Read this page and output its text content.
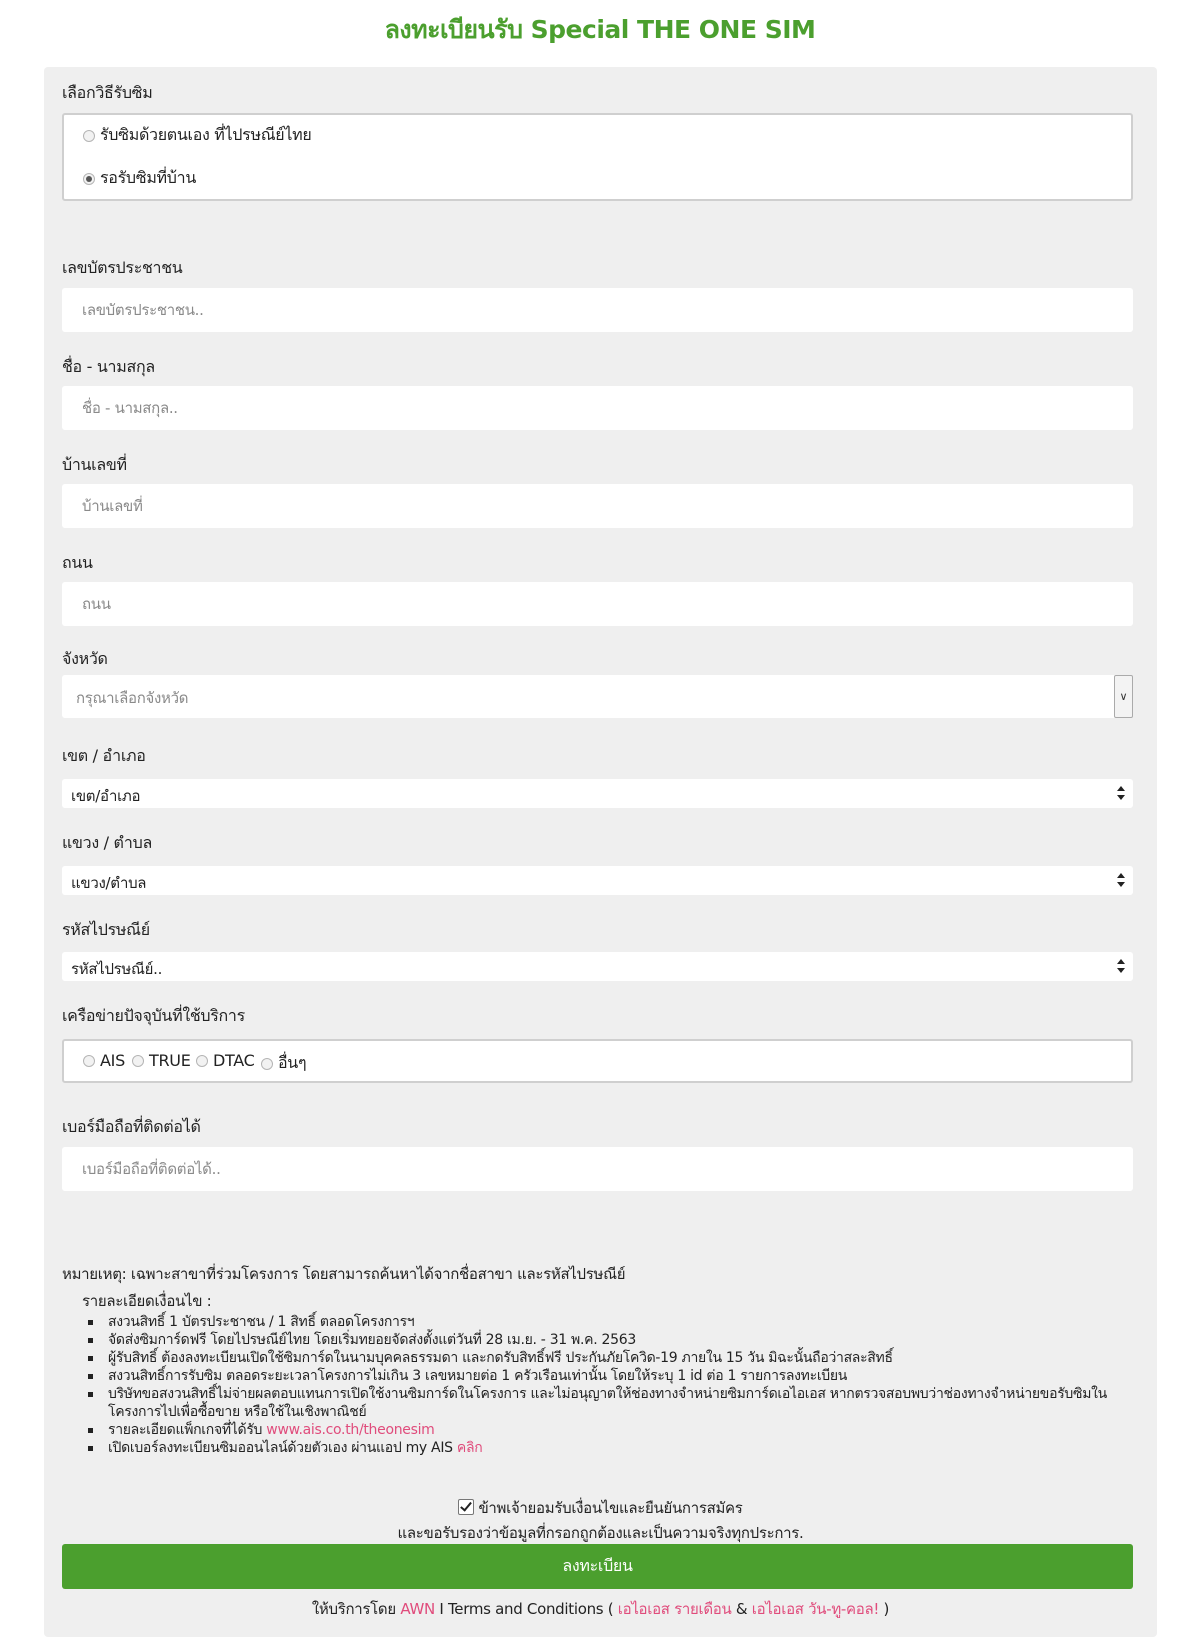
ลงทะเบียนรับ Special THE ONE SIM
เลือกวิธีรับซิม
รับซิมด้วยตนเอง ที่ไปรษณีย์ไทย
รอรับซิมที่บ้าน
เลขบัตรประชาชน
เลขบัตรประชาชน..
ชื่อ - นามสกุล
ชื่อ - นามสกุล..
บ้านเลขที่
บ้านเลขที่
ถนน
ถนน
จังหวัด
กรุณาเลือกจังหวัด	∨
เขต / อำเภอ
เขต/อำเภอ
แขวง / ตำบล
แขวง/ตำบล
รหัสไปรษณีย์
รหัสไปรษณีย์..
เครือข่ายปัจจุบันที่ใช้บริการ
AIS TRUE DTAC อื่นๆ
เบอร์มือถือที่ติดต่อได้
เบอร์มือถือที่ติดต่อได้..
หมายเหตุ: เฉพาะสาขาที่ร่วมโครงการ โดยสามารถค้นหาได้จากชื่อสาขา และรหัสไปรษณีย์
รายละเอียดเงื่อนไข :
สงวนสิทธิ์ 1 บัตรประชาชน / 1 สิทธิ์ ตลอดโครงการฯ
จัดส่งซิมการ์ดฟรี โดยไปรษณีย์ไทย โดยเริ่มทยอยจัดส่งตั้งแต่วันที่ 28 เม.ย. - 31 พ.ค. 2563
ผู้รับสิทธิ์ ต้องลงทะเบียนเปิดใช้ซิมการ์ดในนามบุคคลธรรมดา และกดรับสิทธิ์ฟรี ประกันภัยโควิด-19 ภายใน 15 วัน มิฉะนั้นถือว่าสละสิทธิ์
สงวนสิทธิ์การรับซิม ตลอดระยะเวลาโครงการไม่เกิน 3 เลขหมายต่อ 1 ครัวเรือนเท่านั้น โดยให้ระบุ 1 id ต่อ 1 รายการลงทะเบียน
บริษัทขอสงวนสิทธิ์ไม่จ่ายผลตอบแทนการเปิดใช้งานซิมการ์ดในโครงการ และไม่อนุญาตให้ช่องทางจำหน่ายซิมการ์ดเอไอเอส หากตรวจสอบพบว่าช่องทางจำหน่ายขอรับซิมในโครงการไปเพื่อซื้อขาย หรือใช้ในเชิงพาณิชย์
รายละเอียดแพ็กเกจที่ได้รับ www.ais.co.th/theonesim
เปิดเบอร์ลงทะเบียนซิมออนไลน์ด้วยตัวเอง ผ่านแอป my AIS คลิก
ข้าพเจ้ายอมรับเงื่อนไขและยืนยันการสมัคร
และขอรับรองว่าข้อมูลที่กรอกถูกต้องและเป็นความจริงทุกประการ.
ลงทะเบียน
ให้บริการโดย AWN I Terms and Conditions ( เอไอเอส รายเดือน & เอไอเอส วัน-ทู-คอล! )
